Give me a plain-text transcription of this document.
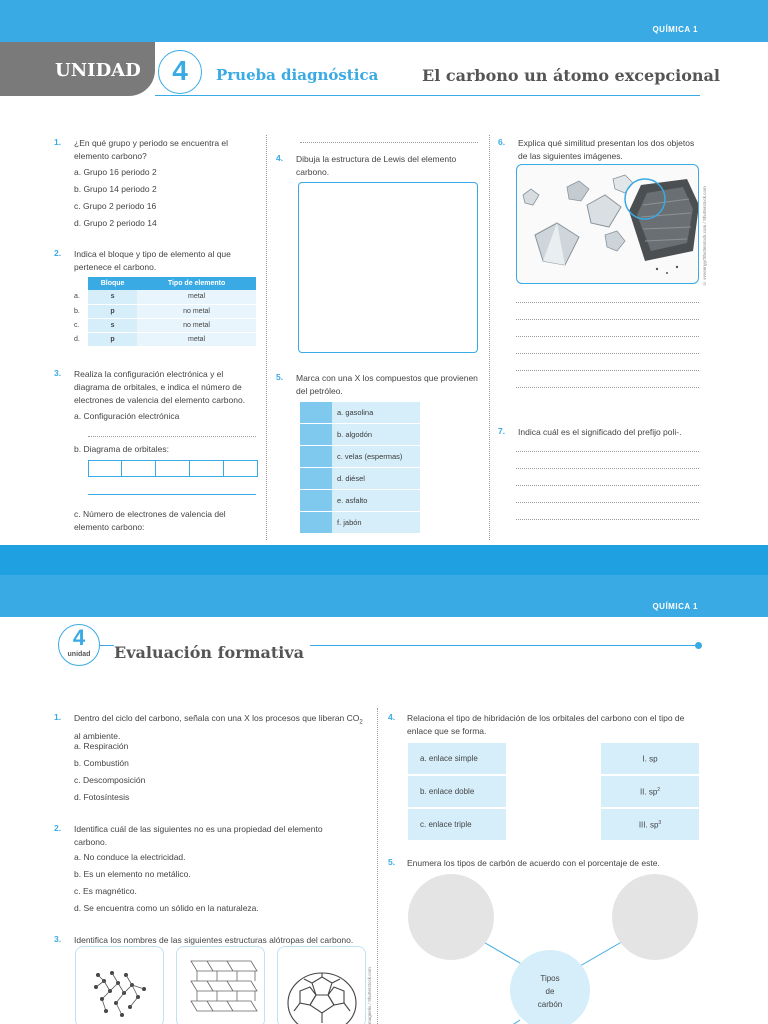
QUÍMICA 1
UNIDAD	4	Prueba diagnóstica	El carbono un átomo excepcional
1. ¿En qué grupo y periodo se encuentra el elemento carbono?
a. Grupo 16 periodo 2
b. Grupo 14 periodo 2
c. Grupo 2 periodo 16
d. Grupo 2 periodo 14
2. Indica el bloque y tipo de elemento al que pertenece el carbono.
	Bloque	Tipo de elemento
a.	s	metal
b.	p	no metal
c.	s	no metal
d.	p	metal
3. Realiza la configuración electrónica y el diagrama de orbitales, e indica el número de electrones de valencia del elemento carbono.
a. Configuración electrónica
b. Diagrama de orbitales:
c. Número de electrones de valencia del elemento carbono:
4. Dibuja la estructura de Lewis del elemento carbono.
5. Marca con una X los compuestos que provienen del petróleo.
a. gasolina
b. algodón
c. velas (espermas)
d. diésel
e. asfalto
f. jabón
6. Explica qué similitud presentan los dos objetos de las siguientes imágenes.
© vvoennyy/Shutterstock.com / Shutterstock.com
7. Indica cuál es el significado del prefijo poli-.
QUÍMICA 1
4
unidad	Evaluación formativa
1. Dentro del ciclo del carbono, señala con una X los procesos que liberan $CO_2$ al ambiente.
a. Respiración
b. Combustión
c. Descomposición
d. Fotosíntesis
2. Identifica cuál de las siguientes no es una propiedad del elemento carbono.
a. No conduce la electricidad.
b. Es un elemento no metálico.
c. Es magnético.
d. Se encuentra como un sólido en la naturaleza.
3. Identifica los nombres de las siguientes estructuras alótropas del carbono.
magnetix / Shutterstock.com
4. Relaciona el tipo de hibridación de los orbitales del carbono con el tipo de enlace que se forma.
a. enlace simple
b. enlace doble
c. enlace triple
I. sp
II. $sp^2$
III. $sp^3$
5. Enumera los tipos de carbón de acuerdo con el porcentaje de este.
Tipos
de
carbón
